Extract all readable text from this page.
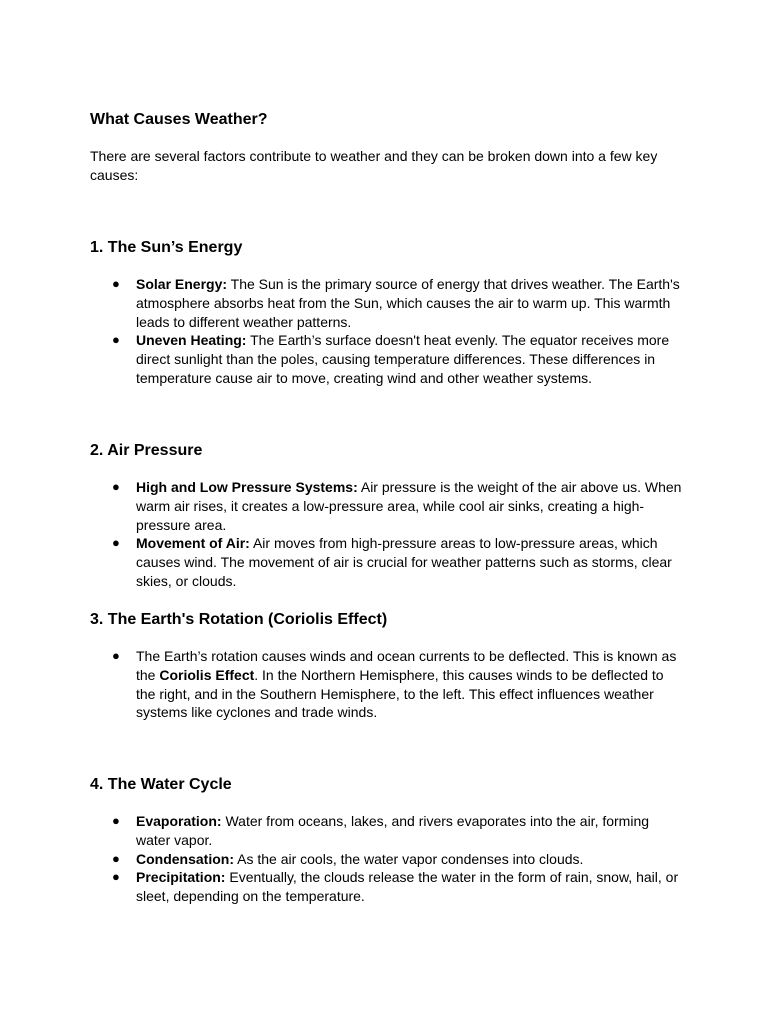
What Causes Weather?

There are several factors contribute to weather and they can be broken down into a few key causes:

1. The Sun’s Energy
● Solar Energy: The Sun is the primary source of energy that drives weather. The Earth's atmosphere absorbs heat from the Sun, which causes the air to warm up. This warmth leads to different weather patterns.
● Uneven Heating: The Earth’s surface doesn't heat evenly. The equator receives more direct sunlight than the poles, causing temperature differences. These differences in temperature cause air to move, creating wind and other weather systems.
2. Air Pressure
● High and Low Pressure Systems: Air pressure is the weight of the air above us. When warm air rises, it creates a low-pressure area, while cool air sinks, creating a high-pressure area.
● Movement of Air: Air moves from high-pressure areas to low-pressure areas, which causes wind. The movement of air is crucial for weather patterns such as storms, clear skies, or clouds.
3. The Earth's Rotation (Coriolis Effect)
● The Earth’s rotation causes winds and ocean currents to be deflected. This is known as the Coriolis Effect. In the Northern Hemisphere, this causes winds to be deflected to the right, and in the Southern Hemisphere, to the left. This effect influences weather systems like cyclones and trade winds.
4. The Water Cycle
● Evaporation: Water from oceans, lakes, and rivers evaporates into the air, forming water vapor.
● Condensation: As the air cools, the water vapor condenses into clouds.
● Precipitation: Eventually, the clouds release the water in the form of rain, snow, hail, or sleet, depending on the temperature.
